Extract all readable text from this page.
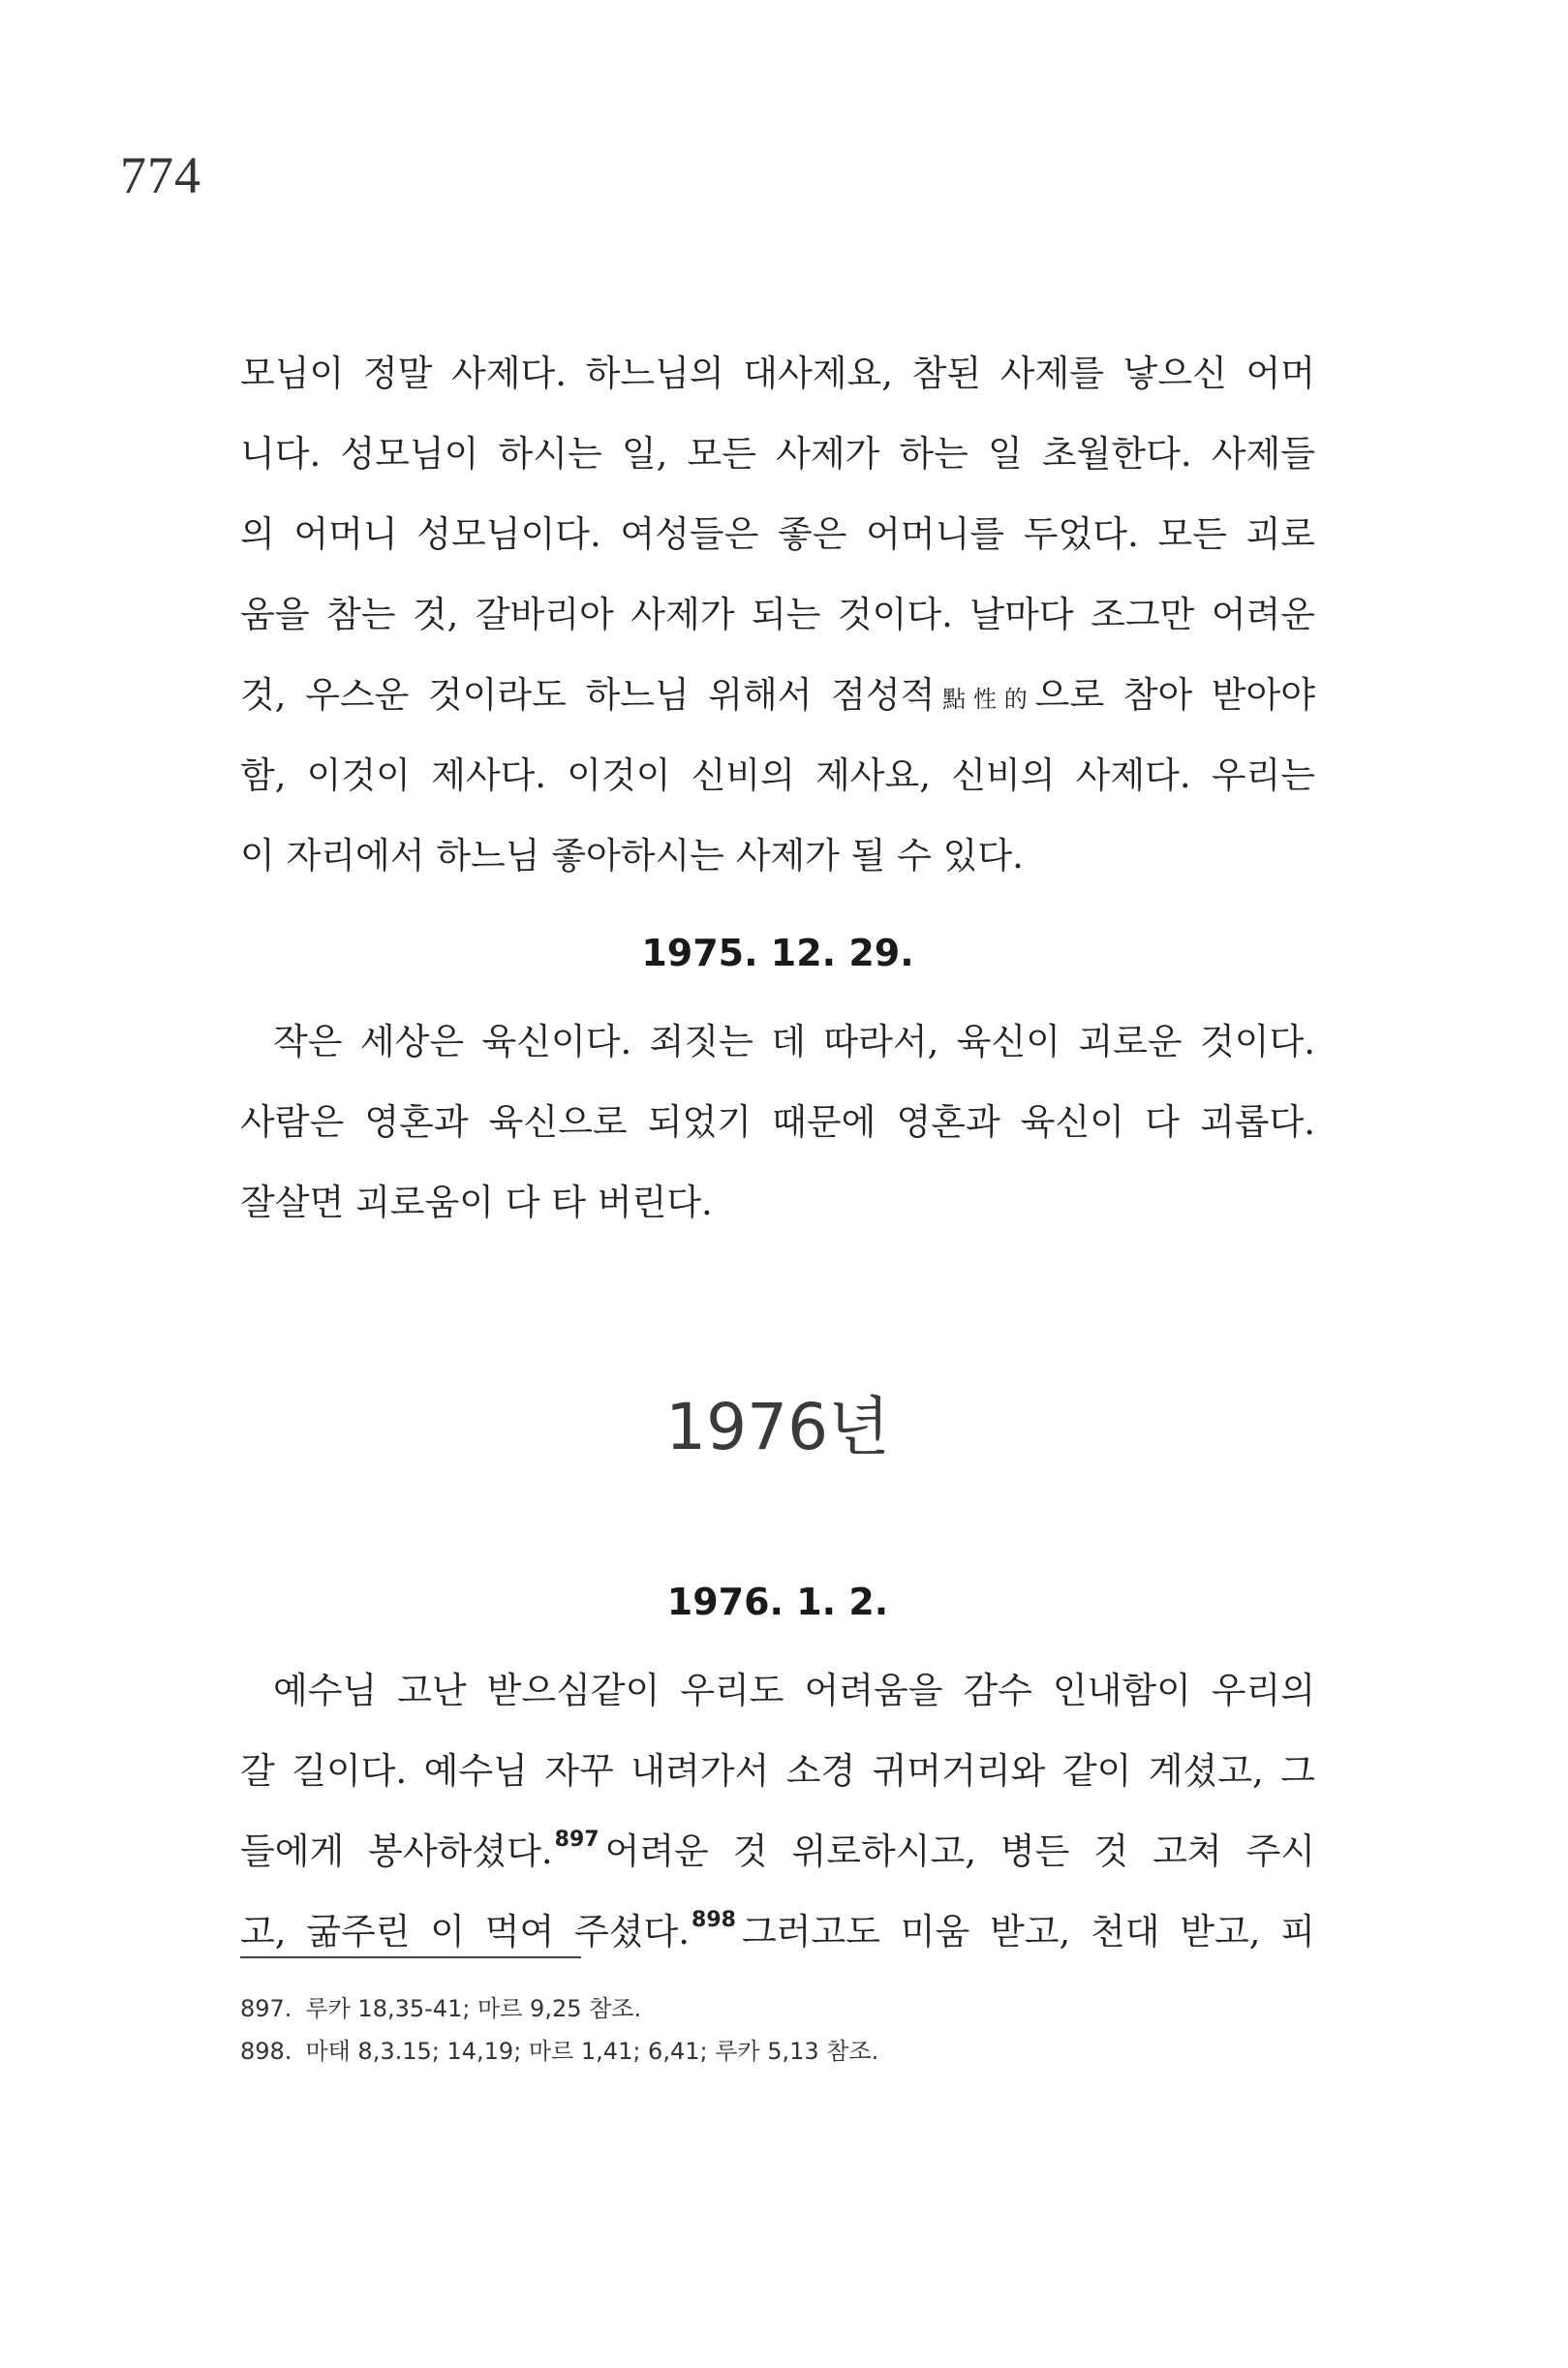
774
모님이 정말 사제다. 하느님의 대사제요, 참된 사제를 낳으신 어머
니다. 성모님이 하시는 일, 모든 사제가 하는 일 초월한다. 사제들
의 어머니 성모님이다. 여성들은 좋은 어머니를 두었다. 모든 괴로
움을 참는 것, 갈바리아 사제가 되는 것이다. 날마다 조그만 어려운
것, 우스운 것이라도 하느님 위해서 점성적點性的으로 참아 받아야
함, 이것이 제사다. 이것이 신비의 제사요, 신비의 사제다. 우리는
이 자리에서 하느님 좋아하시는 사제가 될 수 있다.
1975. 12. 29.
작은 세상은 육신이다. 죄짓는 데 따라서, 육신이 괴로운 것이다.
사람은 영혼과 육신으로 되었기 때문에 영혼과 육신이 다 괴롭다.
잘살면 괴로움이 다 타 버린다.
1976년
1976. 1. 2.
예수님 고난 받으심같이 우리도 어려움을 감수 인내함이 우리의
갈 길이다. 예수님 자꾸 내려가서 소경 귀머거리와 같이 계셨고, 그
들에게 봉사하셨다.$^{897}$ 어려운 것 위로하시고, 병든 것 고쳐 주시
고, 굶주린 이 먹여 주셨다.$^{898}$ 그러고도 미움 받고, 천대 받고, 피
897. 루카 18,35-41; 마르 9,25 참조.
898. 마태 8,3.15; 14,19; 마르 1,41; 6,41; 루카 5,13 참조.
